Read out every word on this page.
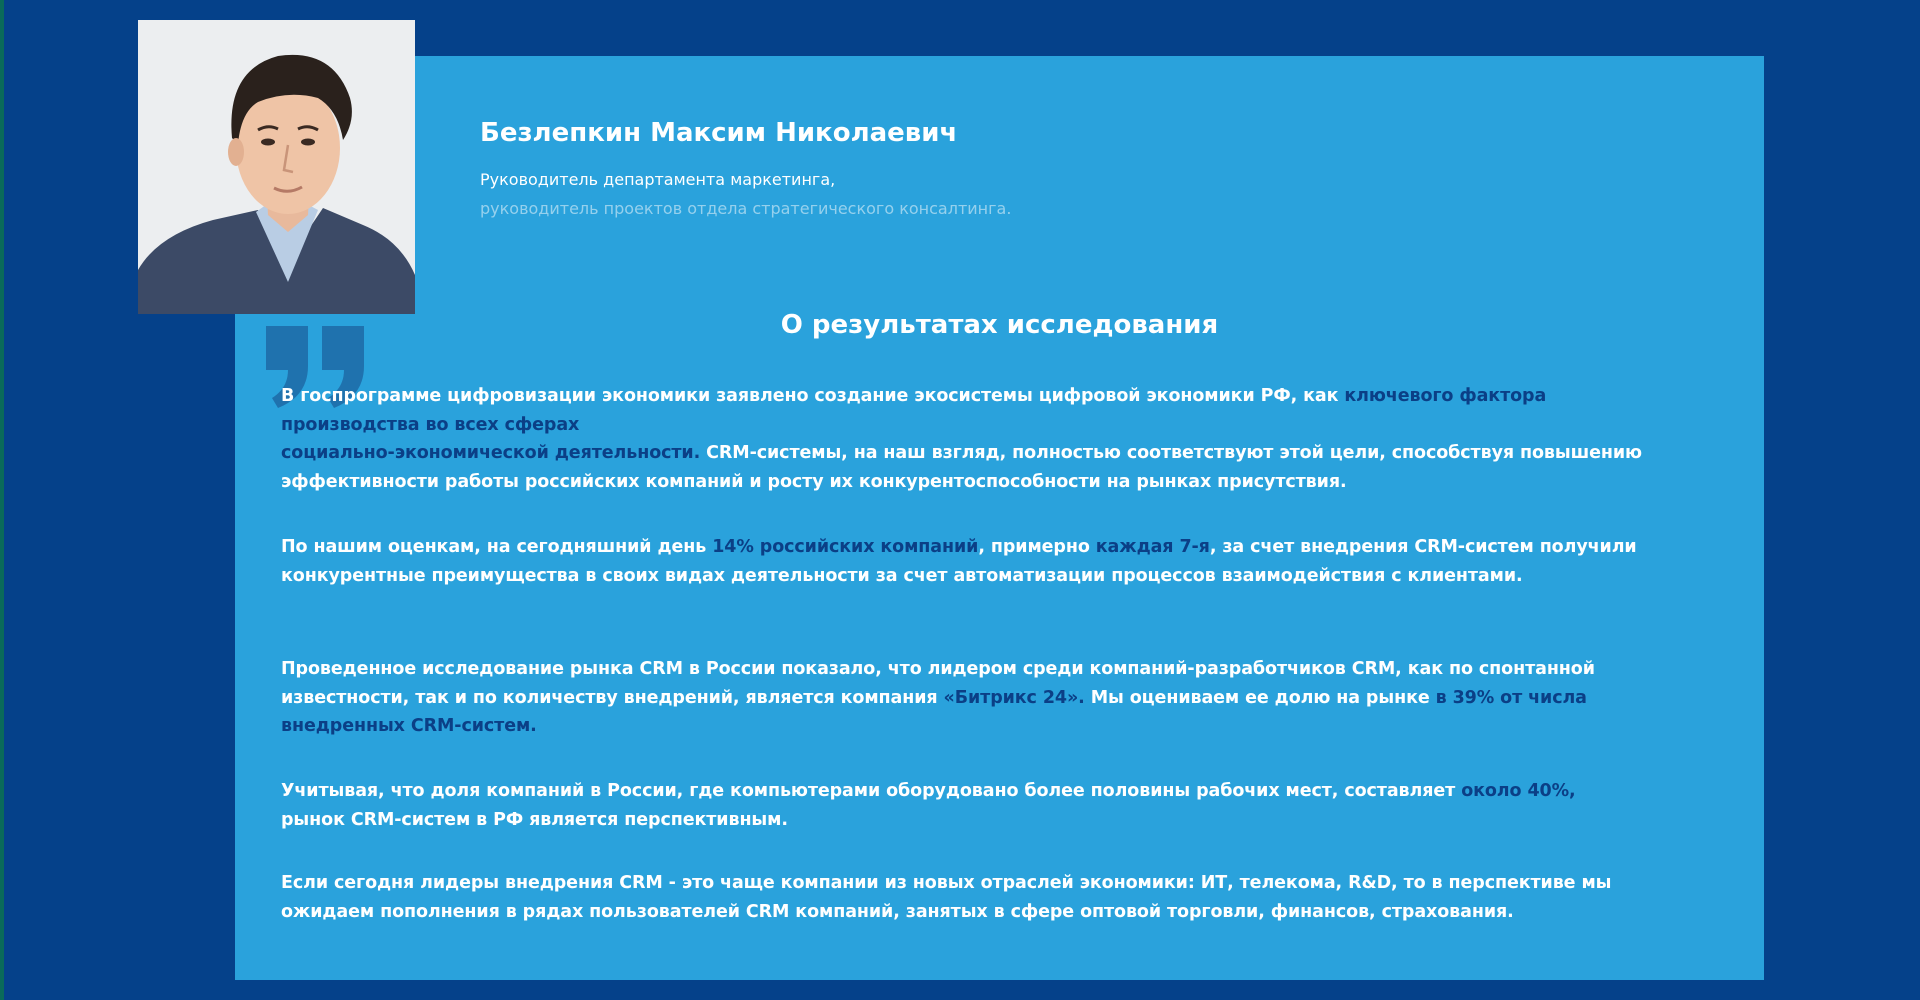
Безлепкин Максим Николаевич

Руководитель департамента маркетинга,

руководитель проектов отдела стратегического консалтинга.

О результатах исследования

В госпрограмме цифровизации экономики заявлено создание экосистемы цифровой экономики РФ, как ключевого фактора
производства во всех сферах
социально-экономической деятельности. CRM-системы, на наш взгляд, полностью соответствуют этой цели, способствуя повышению эффективности работы российских компаний и росту их конкурентоспособности на рынках присутствия.

По нашим оценкам, на сегодняшний день 14% российских компаний, примерно каждая 7-я, за счет внедрения CRM-систем получили конкурентные преимущества в своих видах деятельности за счет автоматизации процессов взаимодействия с клиентами.

Проведенное исследование рынка CRM в России показало, что лидером среди компаний-разработчиков CRM, как по спонтанной известности, так и по количеству внедрений, является компания «Битрикс 24». Мы оцениваем ее долю на рынке в 39% от числа внедренных CRM-систем.

Учитывая, что доля компаний в России, где компьютерами оборудовано более половины рабочих мест, составляет около 40%,
рынок CRM-систем в РФ является перспективным.

Если сегодня лидеры внедрения CRM - это чаще компании из новых отраслей экономики: ИТ, телекома, R&D, то в перспективе мы ожидаем пополнения в рядах пользователей CRM компаний, занятых в сфере оптовой торговли, финансов, страхования.
